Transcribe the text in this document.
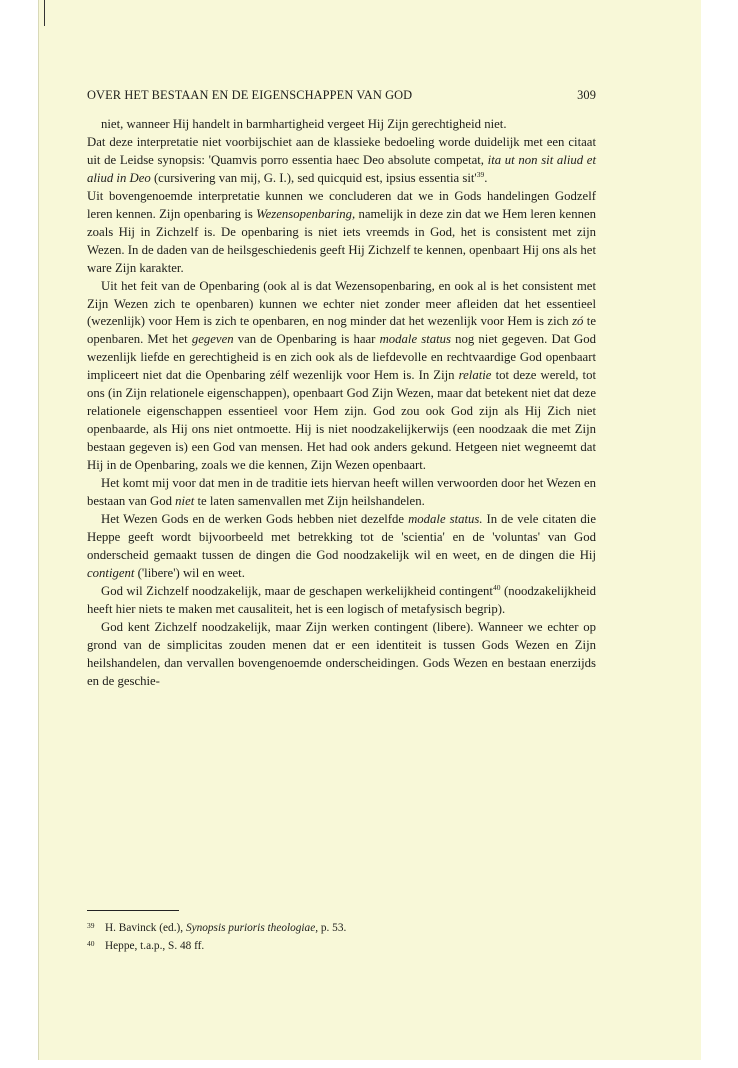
OVER HET BESTAAN EN DE EIGENSCHAPPEN VAN GOD	309

niet, wanneer Hij handelt in barmhartigheid vergeet Hij Zijn gerechtigheid niet.

Dat deze interpretatie niet voorbijschiet aan de klassieke bedoeling worde duidelijk met een citaat uit de Leidse synopsis: 'Quamvis porro essentia haec Deo absolute competat, ita ut non sit aliud et aliud in Deo (cursivering van mij, G. I.), sed quicquid est, ipsius essentia sit'$^{39}$.

Uit bovengenoemde interpretatie kunnen we concluderen dat we in Gods handelingen Godzelf leren kennen. Zijn openbaring is Wezensopenbaring, namelijk in deze zin dat we Hem leren kennen zoals Hij in Zichzelf is. De openbaring is niet iets vreemds in God, het is consistent met zijn Wezen. In de daden van de heilsgeschiedenis geeft Hij Zichzelf te kennen, openbaart Hij ons als het ware Zijn karakter.

Uit het feit van de Openbaring (ook al is dat Wezensopenbaring, en ook al is het consistent met Zijn Wezen zich te openbaren) kunnen we echter niet zonder meer afleiden dat het essentieel (wezenlijk) voor Hem is zich te openbaren, en nog minder dat het wezenlijk voor Hem is zich zó te openbaren. Met het gegeven van de Openbaring is haar modale status nog niet gegeven. Dat God wezenlijk liefde en gerechtigheid is en zich ook als de liefdevolle en rechtvaardige God openbaart impliceert niet dat die Openbaring zélf wezenlijk voor Hem is. In Zijn relatie tot deze wereld, tot ons (in Zijn relationele eigenschappen), openbaart God Zijn Wezen, maar dat betekent niet dat deze relationele eigenschappen essentieel voor Hem zijn. God zou ook God zijn als Hij Zich niet openbaarde, als Hij ons niet ontmoette. Hij is niet noodzakelijkerwijs (een noodzaak die met Zijn bestaan gegeven is) een God van mensen. Het had ook anders gekund. Hetgeen niet wegneemt dat Hij in de Openbaring, zoals we die kennen, Zijn Wezen openbaart.

Het komt mij voor dat men in de traditie iets hiervan heeft willen verwoorden door het Wezen en bestaan van God niet te laten samenvallen met Zijn heilshandelen.

Het Wezen Gods en de werken Gods hebben niet dezelfde modale status. In de vele citaten die Heppe geeft wordt bijvoorbeeld met betrekking tot de 'scientia' en de 'voluntas' van God onderscheid gemaakt tussen de dingen die God noodzakelijk wil en weet, en de dingen die Hij contigent ('libere') wil en weet.

God wil Zichzelf noodzakelijk, maar de geschapen werkelijkheid contingent$^{40}$ (noodzakelijkheid heeft hier niets te maken met causaliteit, het is een logisch of metafysisch begrip).

God kent Zichzelf noodzakelijk, maar Zijn werken contingent (libere). Wanneer we echter op grond van de simplicitas zouden menen dat er een identiteit is tussen Gods Wezen en Zijn heilshandelen, dan vervallen bovengenoemde onderscheidingen. Gods Wezen en bestaan enerzijds en de geschie-

39 H. Bavinck (ed.), Synopsis purioris theologiae, p. 53.

40 Heppe, t.a.p., S. 48 ff.
